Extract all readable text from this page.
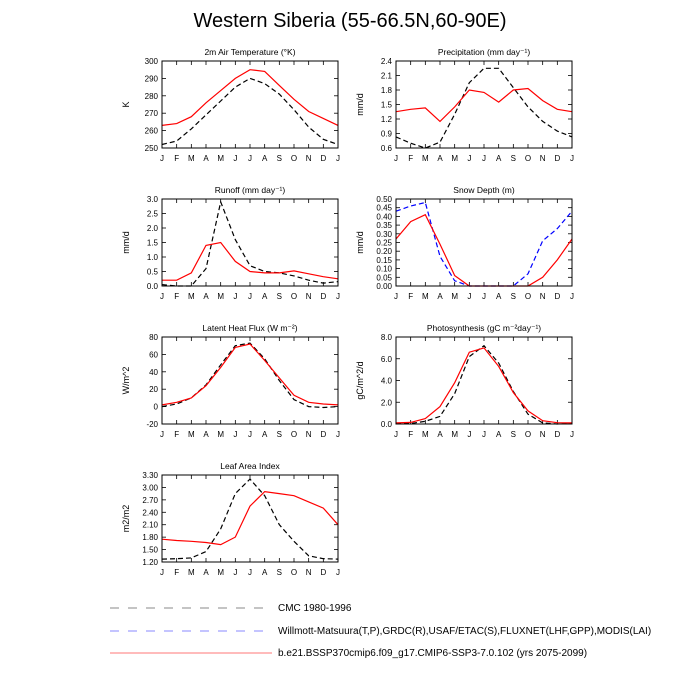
Western Siberia (55-66.5N,60-90E)
2m Air Temperature (°K)
K
250
260
270
280
290
300
J F M A M J J A S O N D J
Precipitation (mm day⁻¹)
mm/d
0.6
0.9
1.2
1.5
1.8
2.1
2.4
J F M A M J J A S O N D J
Runoff (mm day⁻¹)
mm/d
0.0
0.5
1.0
1.5
2.0
2.5
3.0
J F M A M J J A S O N D J
Snow Depth (m)
mm/d
0.00
0.05
0.10
0.15
0.20
0.25
0.30
0.35
0.40
0.45
0.50
J F M A M J J A S O N D J
Latent Heat Flux (W m⁻²)
W/m^2
-20
0
20
40
60
80
J F M A M J J A S O N D J
Photosynthesis (gC m⁻²day⁻¹)
gC/m^2/d
0.0
2.0
4.0
6.0
8.0
J F M A M J J A S O N D J
Leaf Area Index
m2/m2
1.20
1.50
1.80
2.10
2.40
2.70
3.00
3.30
J F M A M J J A S O N D J
CMC 1980-1996
Willmott-Matsuura(T,P),GRDC(R),USAF/ETAC(S),FLUXNET(LHF,GPP),MODIS(LAI)
b.e21.BSSP370cmip6.f09_g17.CMIP6-SSP3-7.0.102 (yrs 2075-2099)
